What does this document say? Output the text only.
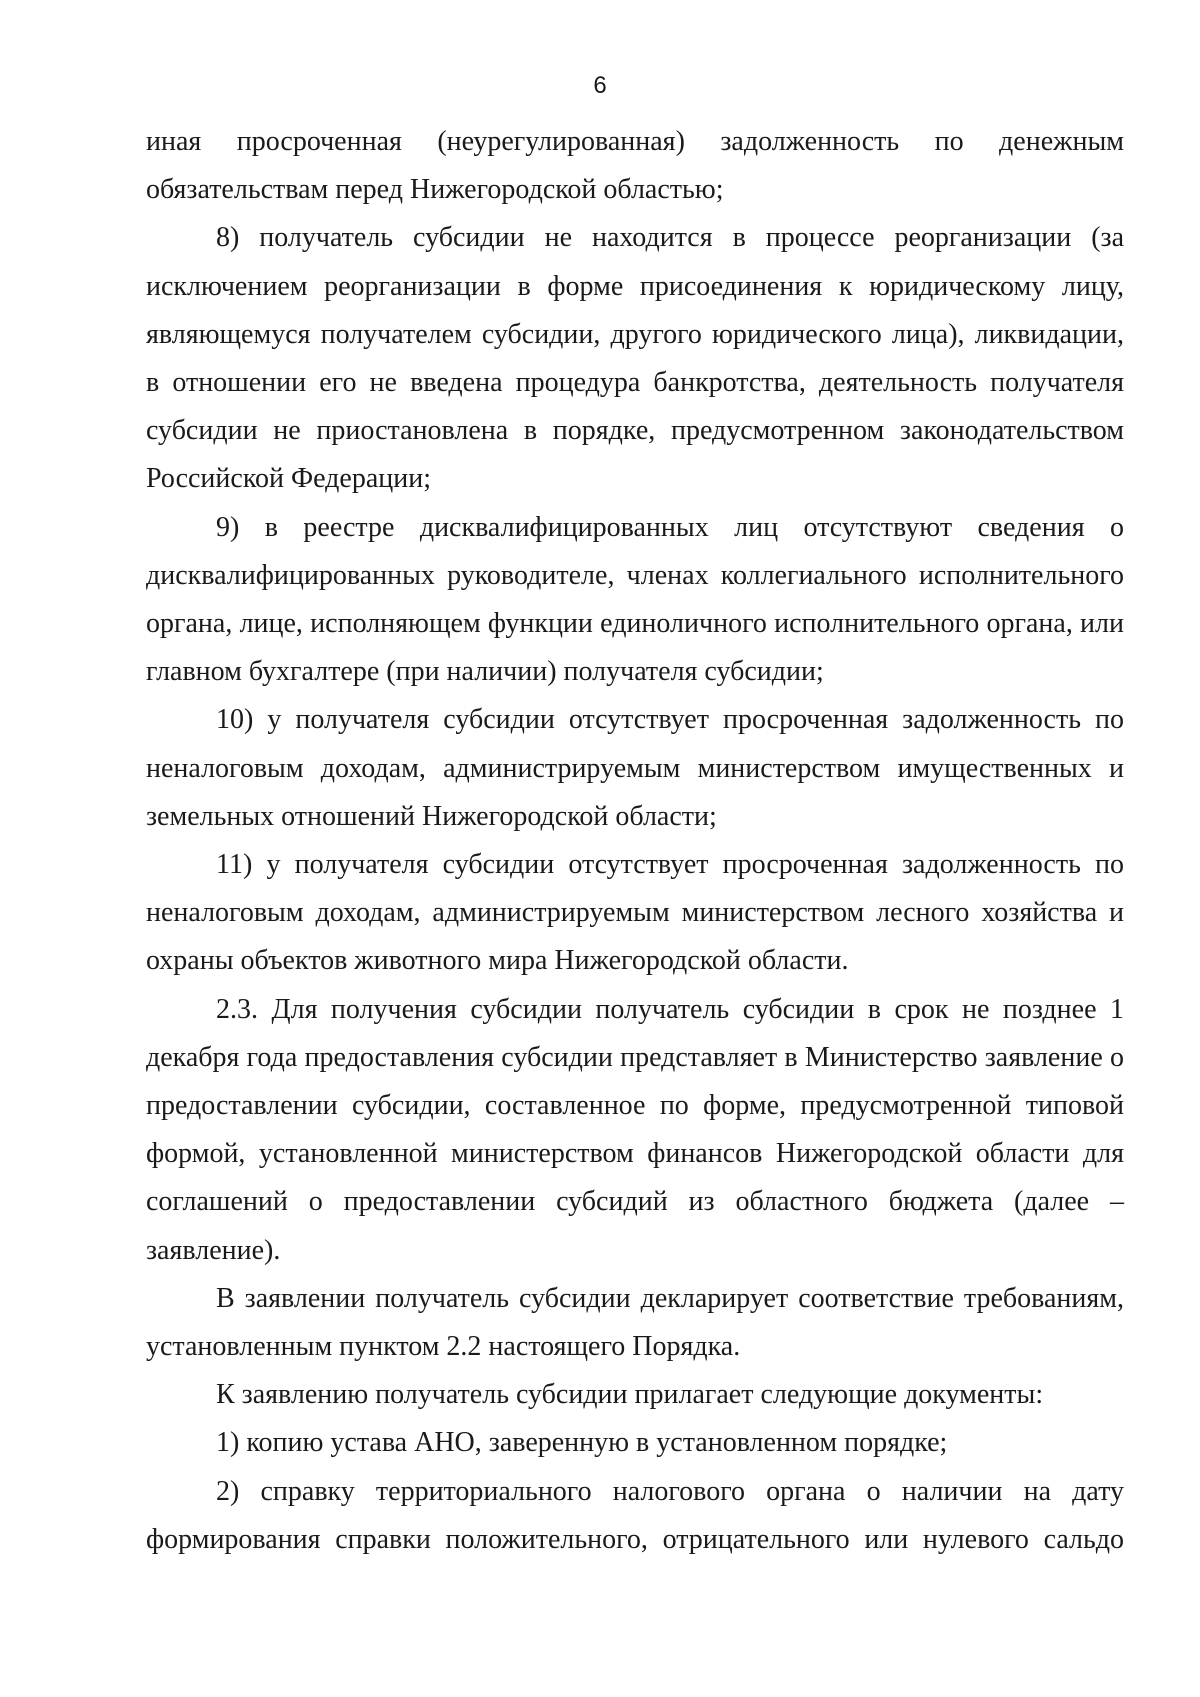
6

иная просроченная (неурегулированная) задолженность по денежным обязательствам перед Нижегородской областью;

8) получатель субсидии не находится в процессе реорганизации (за исключением реорганизации в форме присоединения к юридическому лицу, являющемуся получателем субсидии, другого юридического лица), ликвидации, в отношении его не введена процедура банкротства, деятельность получателя субсидии не приостановлена в порядке, предусмотренном законодательством Российской Федерации;

9) в реестре дисквалифицированных лиц отсутствуют сведения о дисквалифицированных руководителе, членах коллегиального исполнительного органа, лице, исполняющем функции единоличного исполнительного органа, или главном бухгалтере (при наличии) получателя субсидии;

10) у получателя субсидии отсутствует просроченная задолженность по неналоговым доходам, администрируемым министерством имущественных и земельных отношений Нижегородской области;

11) у получателя субсидии отсутствует просроченная задолженность по неналоговым доходам, администрируемым министерством лесного хозяйства и охраны объектов животного мира Нижегородской области.

2.3. Для получения субсидии получатель субсидии в срок не позднее 1 декабря года предоставления субсидии представляет в Министерство заявление о предоставлении субсидии, составленное по форме, предусмотренной типовой формой, установленной министерством финансов Нижегородской области для соглашений о предоставлении субсидий из областного бюджета (далее – заявление).

В заявлении получатель субсидии декларирует соответствие требованиям, установленным пунктом 2.2 настоящего Порядка.

К заявлению получатель субсидии прилагает следующие документы:

1) копию устава АНО, заверенную в установленном порядке;

2) справку территориального налогового органа о наличии на дату формирования справки положительного, отрицательного или нулевого сальдо
